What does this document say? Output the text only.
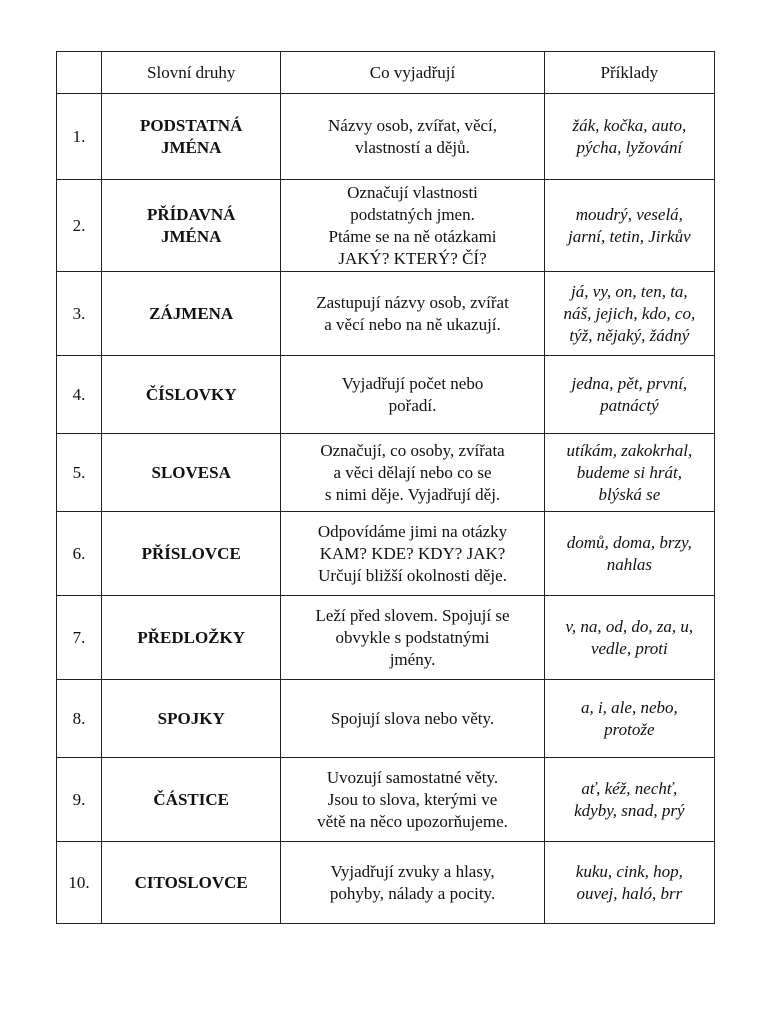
	Slovní druhy	Co vyjadřují	Příklady
1.	PODSTATNÁ
JMÉNA	Názvy osob, zvířat, věcí,
vlastností a dějů.	žák, kočka, auto,
pýcha, lyžování
2.	PŘÍDAVNÁ
JMÉNA	Označují vlastnosti
podstatných jmen.
Ptáme se na ně otázkami
JAKÝ? KTERÝ? ČÍ?	moudrý, veselá,
jarní, tetin, Jirkův
3.	ZÁJMENA	Zastupují názvy osob, zvířat
a věcí nebo na ně ukazují.	já, vy, on, ten, ta,
náš, jejich, kdo, co,
týž, nějaký, žádný
4.	ČÍSLOVKY	Vyjadřují počet nebo
pořadí.	jedna, pět, první,
patnáctý
5.	SLOVESA	Označují, co osoby, zvířata
a věci dělají nebo co se
s nimi děje. Vyjadřují děj.	utíkám, zakokrhal,
budeme si hrát,
blýská se
6.	PŘÍSLOVCE	Odpovídáme jimi na otázky
KAM? KDE? KDY? JAK?
Určují bližší okolnosti děje.	domů, doma, brzy,
nahlas
7.	PŘEDLOŽKY	Leží před slovem. Spojují se
obvykle s podstatnými
jmény.	v, na, od, do, za, u,
vedle, proti
8.	SPOJKY	Spojují slova nebo věty.	a, i, ale, nebo,
protože
9.	ČÁSTICE	Uvozují samostatné věty.
Jsou to slova, kterými ve
větě na něco upozorňujeme.	ať, kéž, nechť,
kdyby, snad, prý
10.	CITOSLOVCE	Vyjadřují zvuky a hlasy,
pohyby, nálady a pocity.	kuku, cink, hop,
ouvej, haló, brr
